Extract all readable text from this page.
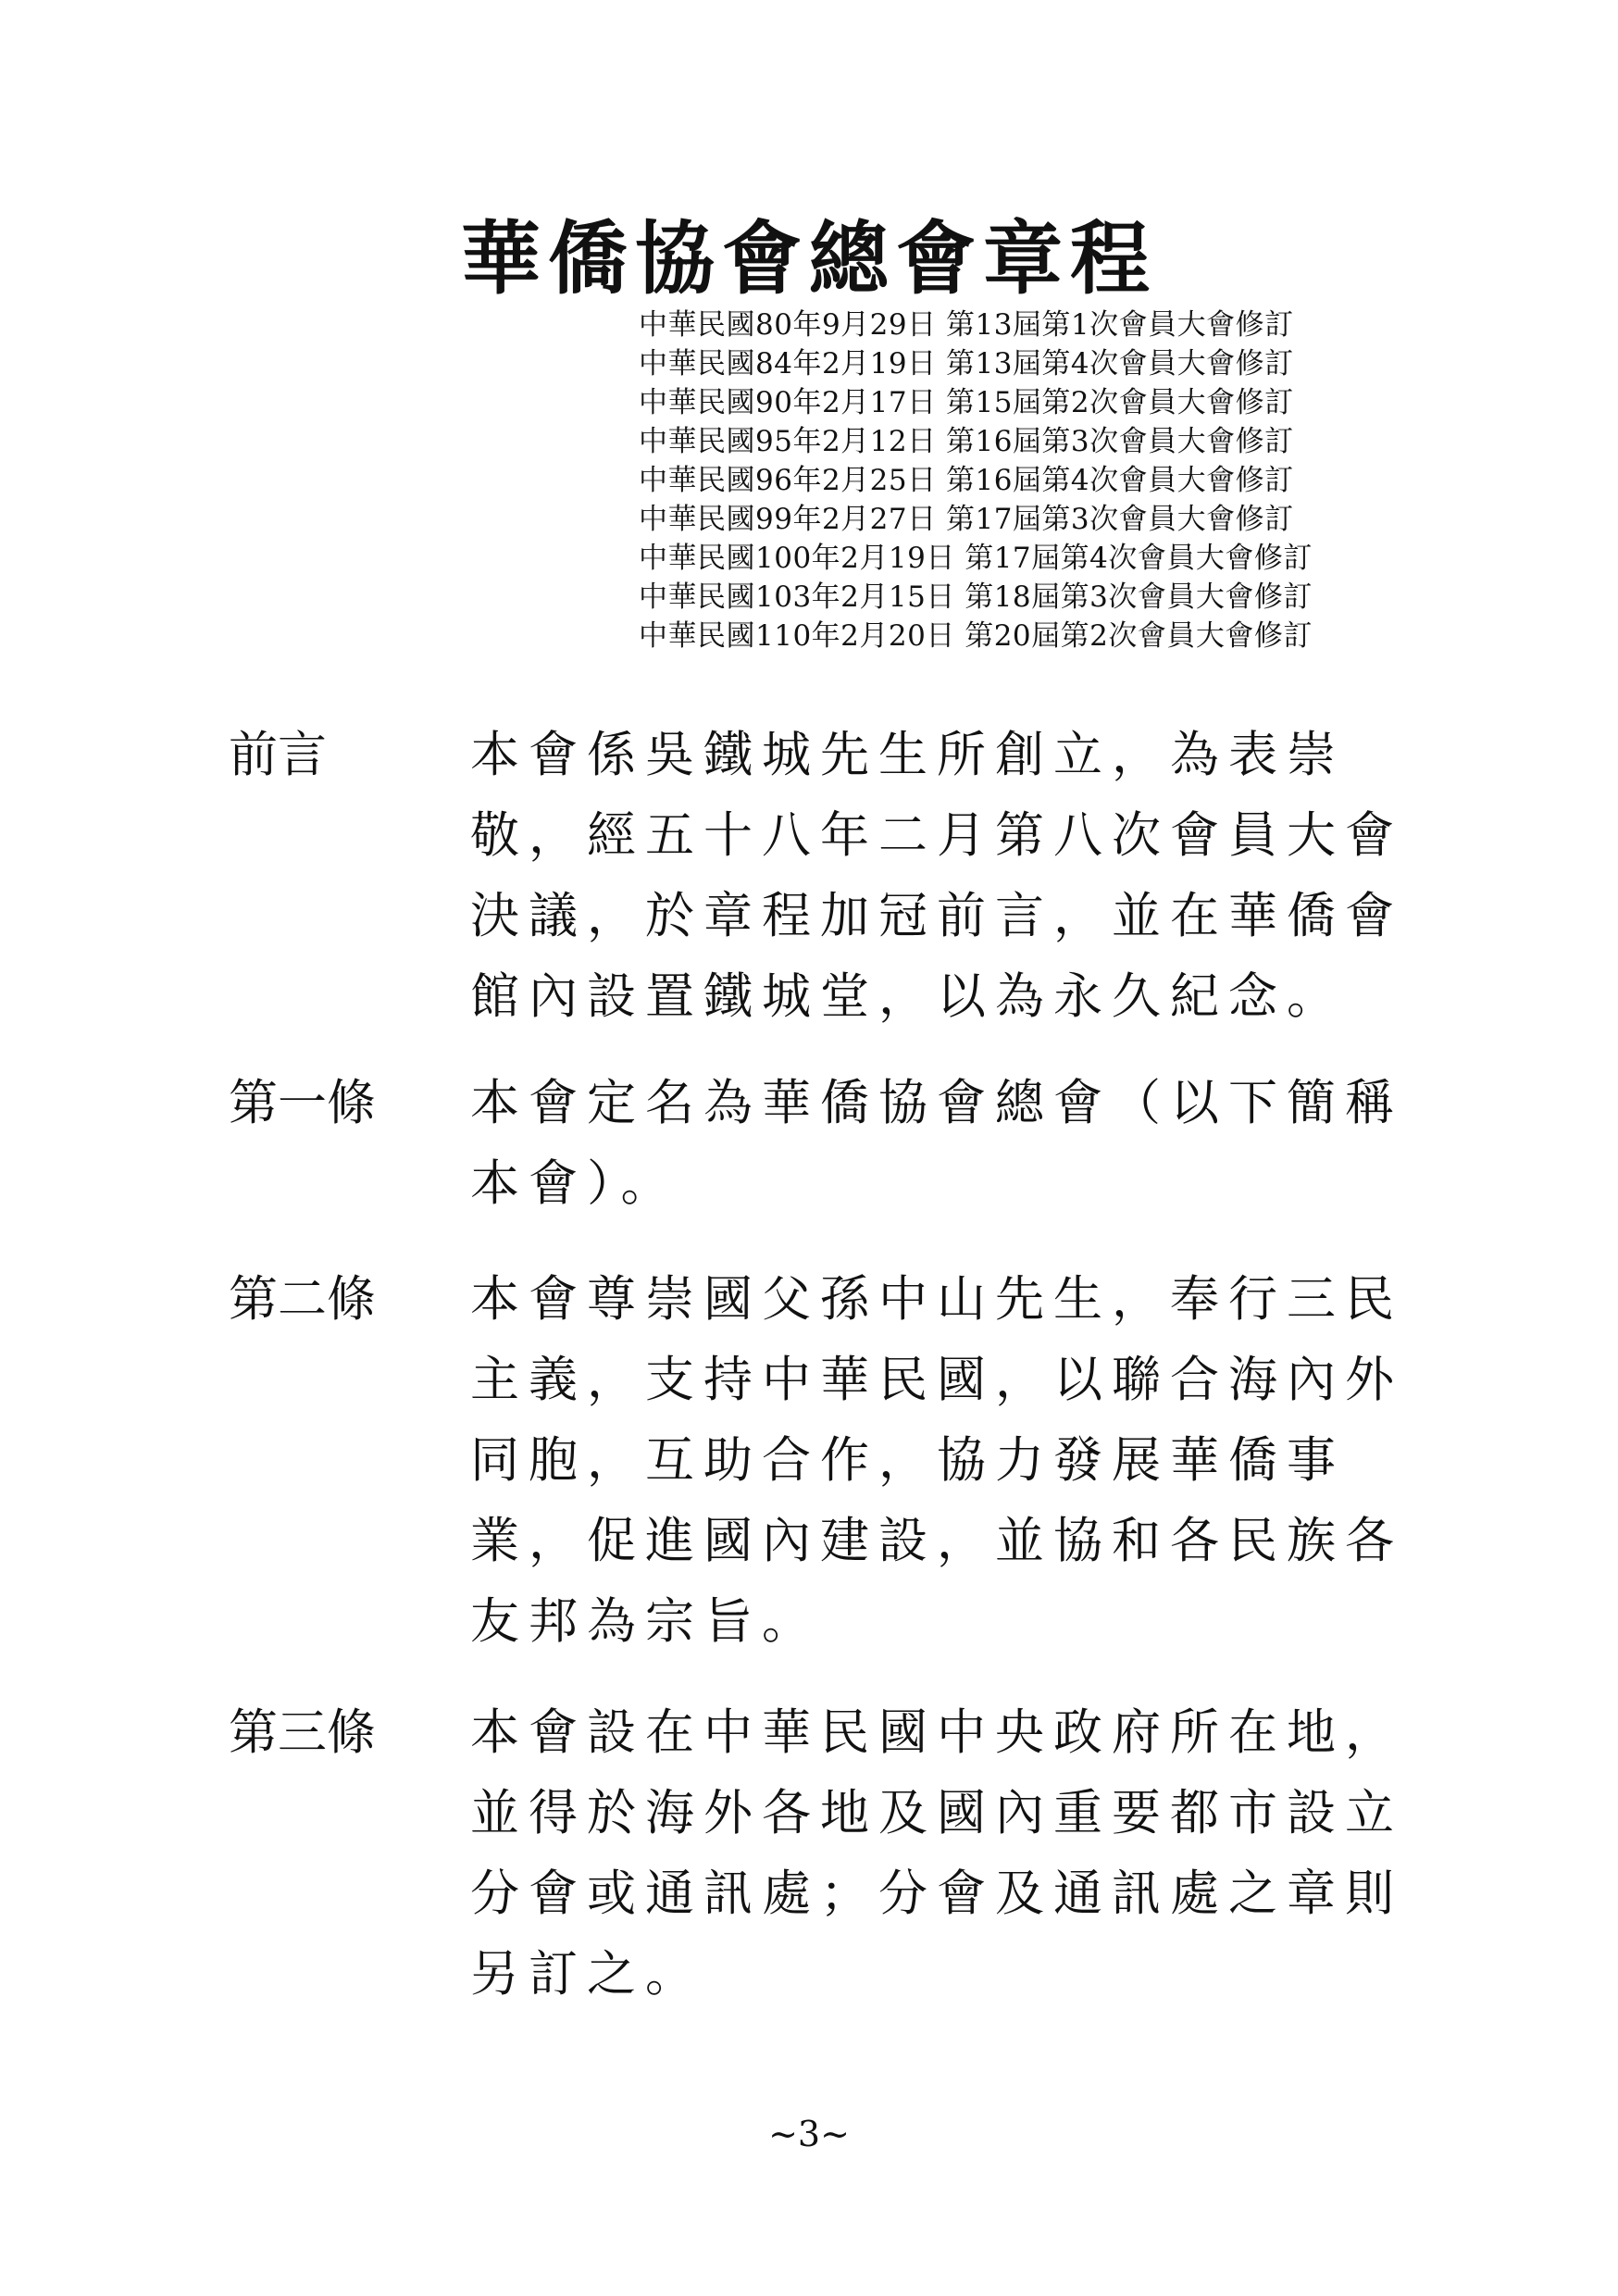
華僑協會總會章程
中華民國80年9月29日 第13屆第1次會員大會修訂
中華民國84年2月19日 第13屆第4次會員大會修訂
中華民國90年2月17日 第15屆第2次會員大會修訂
中華民國95年2月12日 第16屆第3次會員大會修訂
中華民國96年2月25日 第16屆第4次會員大會修訂
中華民國99年2月27日 第17屆第3次會員大會修訂
中華民國100年2月19日 第17屆第4次會員大會修訂
中華民國103年2月15日 第18屆第3次會員大會修訂
中華民國110年2月20日 第20屆第2次會員大會修訂
前言	本會係吳鐵城先生所創立，為表崇
敬，經五十八年二月第八次會員大會
決議，於章程加冠前言，並在華僑會
館內設置鐵城堂，以為永久紀念。
第一條 本會定名為華僑協會總會（以下簡稱
本會）。
第二條 本會尊崇國父孫中山先生，奉行三民
主義，支持中華民國，以聯合海內外
同胞，互助合作，協力發展華僑事
業，促進國內建設，並協和各民族各
友邦為宗旨。
第三條 本會設在中華民國中央政府所在地，
並得於海外各地及國內重要都市設立
分會或通訊處；分會及通訊處之章則
另訂之。
∼3∼
